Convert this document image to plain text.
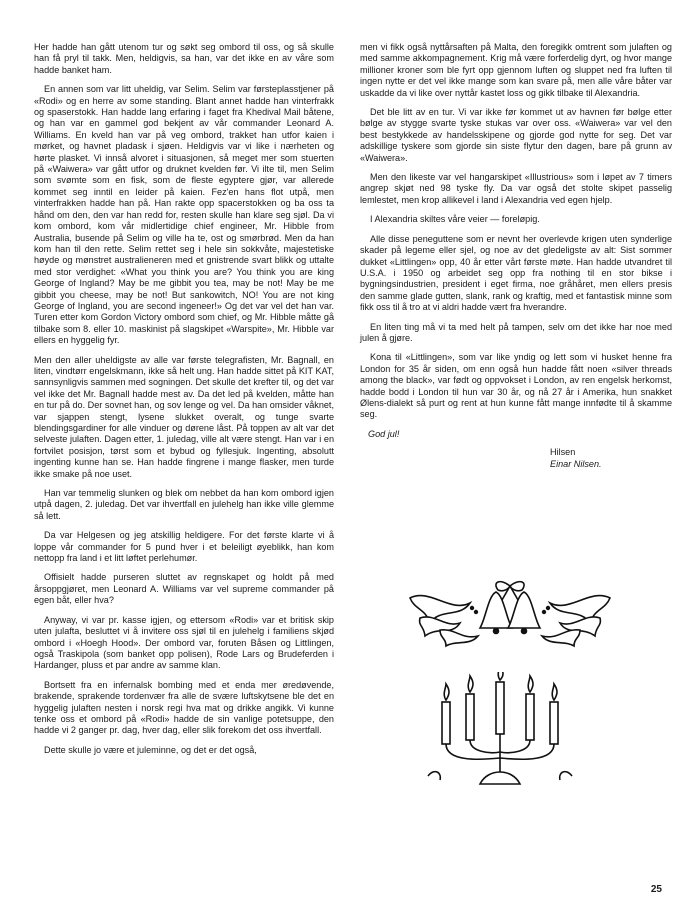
Her hadde han gått utenom tur og søkt seg ombord til oss, og så skulle han få pryl til takk. Men, heldigvis, sa han, var det ikke en av våre som hadde banket ham.

En annen som var litt uheldig, var Selim. Selim var førsteplasstjener på «Rodi» og en herre av some standing. Blant annet hadde han vinterfrakk og spaserstokk. Han hadde lang erfaring i faget fra Khedival Mail båtene, og han var en gammel god bekjent av vår commander Leonard A. Williams. En kveld han var på veg ombord, trakket han utfor kaien i mørket, og havnet pladask i sjøen. Heldigvis var vi like i nærheten og hørte plasket. Vi innså alvoret i situasjonen, så meget mer som stuerten på «Waiwera» var gått utfor og druknet kvelden før. Vi ilte til, men Selim som svømte som en fisk, som de fleste egyptere gjør, var allerede kommet seg inntil en leider på kaien. Fez'en hans flot utpå, men vinterfrakken hadde han på. Han rakte opp spacerstokken og ba oss ta hånd om den, den var han redd for, resten skulle han klare seg sjøl. Da vi kom ombord, kom vår midlertidige chief engineer, Mr. Hibble from Australia, busende på Selim og ville ha te, ost og smørbrød. Men da han kom han til den rette. Selim rettet seg i hele sin sokkvåte, majestetiske høyde og mønstret australieneren med et gnistrende svart blikk og uttalte med stor verdighet: «What you think you are? You think you are king George of Ingland? May be me gibbit you tea, may be not! May be me gibbit you cheese, may be not! But sankowitch, NO! You are not king George of Ingland, you are second ingeneer!» Og det var vel det han var. Turen etter kom Gordon Victory ombord som chief, og Mr. Hibble måtte gå tilbake som 8. eller 10. maskinist på slagskipet «Warspite», Mr. Hibble var ellers en hyggelig fyr.

Men den aller uheldigste av alle var første telegrafisten, Mr. Bagnall, en liten, vindtørr engelskmann, ikke så helt ung. Han hadde sittet på KIT KAT, sannsynligvis sammen med sogningen. Det skulle det krefter til, og det var vel ikke det Mr. Bagnall hadde mest av. Da det led på kvelden, måtte han en tur på do. Der sovnet han, og sov lenge og vel. Da han omsider våknet, var sjappen stengt, lysene slukket overalt, og tunge svarte blendingsgardiner for alle vinduer og dørene låst. På toppen av alt var det selveste julaften. Dagen etter, 1. juledag, ville alt være stengt. Han var i en fortvilet posisjon, tørst som et bybud og fyllesjuk. Ingenting, absolutt ingenting kunne han se. Han hadde fingrene i mange flasker, men turde ikke smake på noe uset.

Han var temmelig slunken og blek om nebbet da han kom ombord igjen utpå dagen, 2. juledag. Det var ihvertfall en julehelg han ikke ville glemme så lett.

Da var Helgesen og jeg atskillig heldigere. For det første klarte vi å loppe vår commander for 5 pund hver i et beleiligt øyeblikk, han kom nettopp fra land i et litt løftet perlehumør.

Offisielt hadde purseren sluttet av regnskapet og holdt på med årsoppgjøret, men Leonard A. Williams var vel supreme commander på egen båt, eller hva?

Anyway, vi var pr. kasse igjen, og ettersom «Rodi» var et britisk skip uten julafta, besluttet vi å invitere oss sjøl til en julehelg i familiens skjød ombord i «Hoegh Hood». Der ombord var, foruten Båsen og Littlingen, også Traskipola (som banket opp polisen), Rode Lars og Brudeferden i Hardanger, pluss et par andre av samme klan.

Bortsett fra en infernalsk bombing med et enda mer øredøvende, brakende, sprakende tordenvær fra alle de svære luftskytsene ble det en hyggelig julaften nesten i norsk regi hva mat og drikke angikk. Vi kunne tenke oss et ombord på «Rodi» hadde de sin vanlige potetsuppe, den hadde vi 2 ganger pr. dag, hver dag, eller slik forekom det oss ihvertfall.

Dette skulle jo være et juleminne, og det er det også,

men vi fikk også nyttårsaften på Malta, den foregikk omtrent som julaften og med samme akkompagnement. Krig må være forferdelig dyrt, og hvor mange millioner kroner som ble fyrt opp gjennom luften og sluppet ned fra luften til ingen nytte er det vel ikke mange som kan svare på, men alle våre båter var uskadde da vi like over nyttår kastet loss og gikk tilbake til Alexandria.

Det ble litt av en tur. Vi var ikke før kommet ut av havnen før bølge etter bølge av stygge svarte tyske stukas var over oss. «Waiwera» var vel den best bestykkede av handelsskipene og gjorde god nytte for seg. Det var adskillige tyskere som gjorde sin siste flytur den dagen, bare på grunn av «Waiwera».

Men den likeste var vel hangarskipet «Illustrious» som i løpet av 7 timers angrep skjøt ned 98 tyske fly. Da var også det stolte skipet passelig lemlestet, men krop allikevel i land i Alexandria ved egen hjelp.

I Alexandria skiltes våre veier — foreløpig.

Alle disse peneguttene som er nevnt her overlevde krigen uten synderlige skader på legeme eller sjel, og noe av det gledeligste av alt: Sist sommer dukket «Littlingen» opp, 40 år etter vårt første møte. Han hadde utvandret til U.S.A. i 1950 og arbeidet seg opp fra nothing til en stor bikse i bygningsindustrien, president i eget firma, noe gråhåret, men ellers presis den samme glade gutten, slank, rank og kraftig, med et fantastisk minne som fikk oss til å tro at vi aldri hadde vært fra hverandre.

En liten ting må vi ta med helt på tampen, selv om det ikke har noe med julen å gjøre.

Kona til «Littlingen», som var like yndig og lett som vi husket henne fra London for 35 år siden, om enn også hun hadde fått noen «silver threads among the black», var født og oppvokset i London, av ren engelsk herkomst, hadde bodd i London til hun var 30 år, og nå 27 år i Amerika, hun snakket Ølens-dialekt så purt og rent at hun kunne fått mange innfødte til å skamme seg.

God jul!
Hilsen
Einar Nilsen.
25
